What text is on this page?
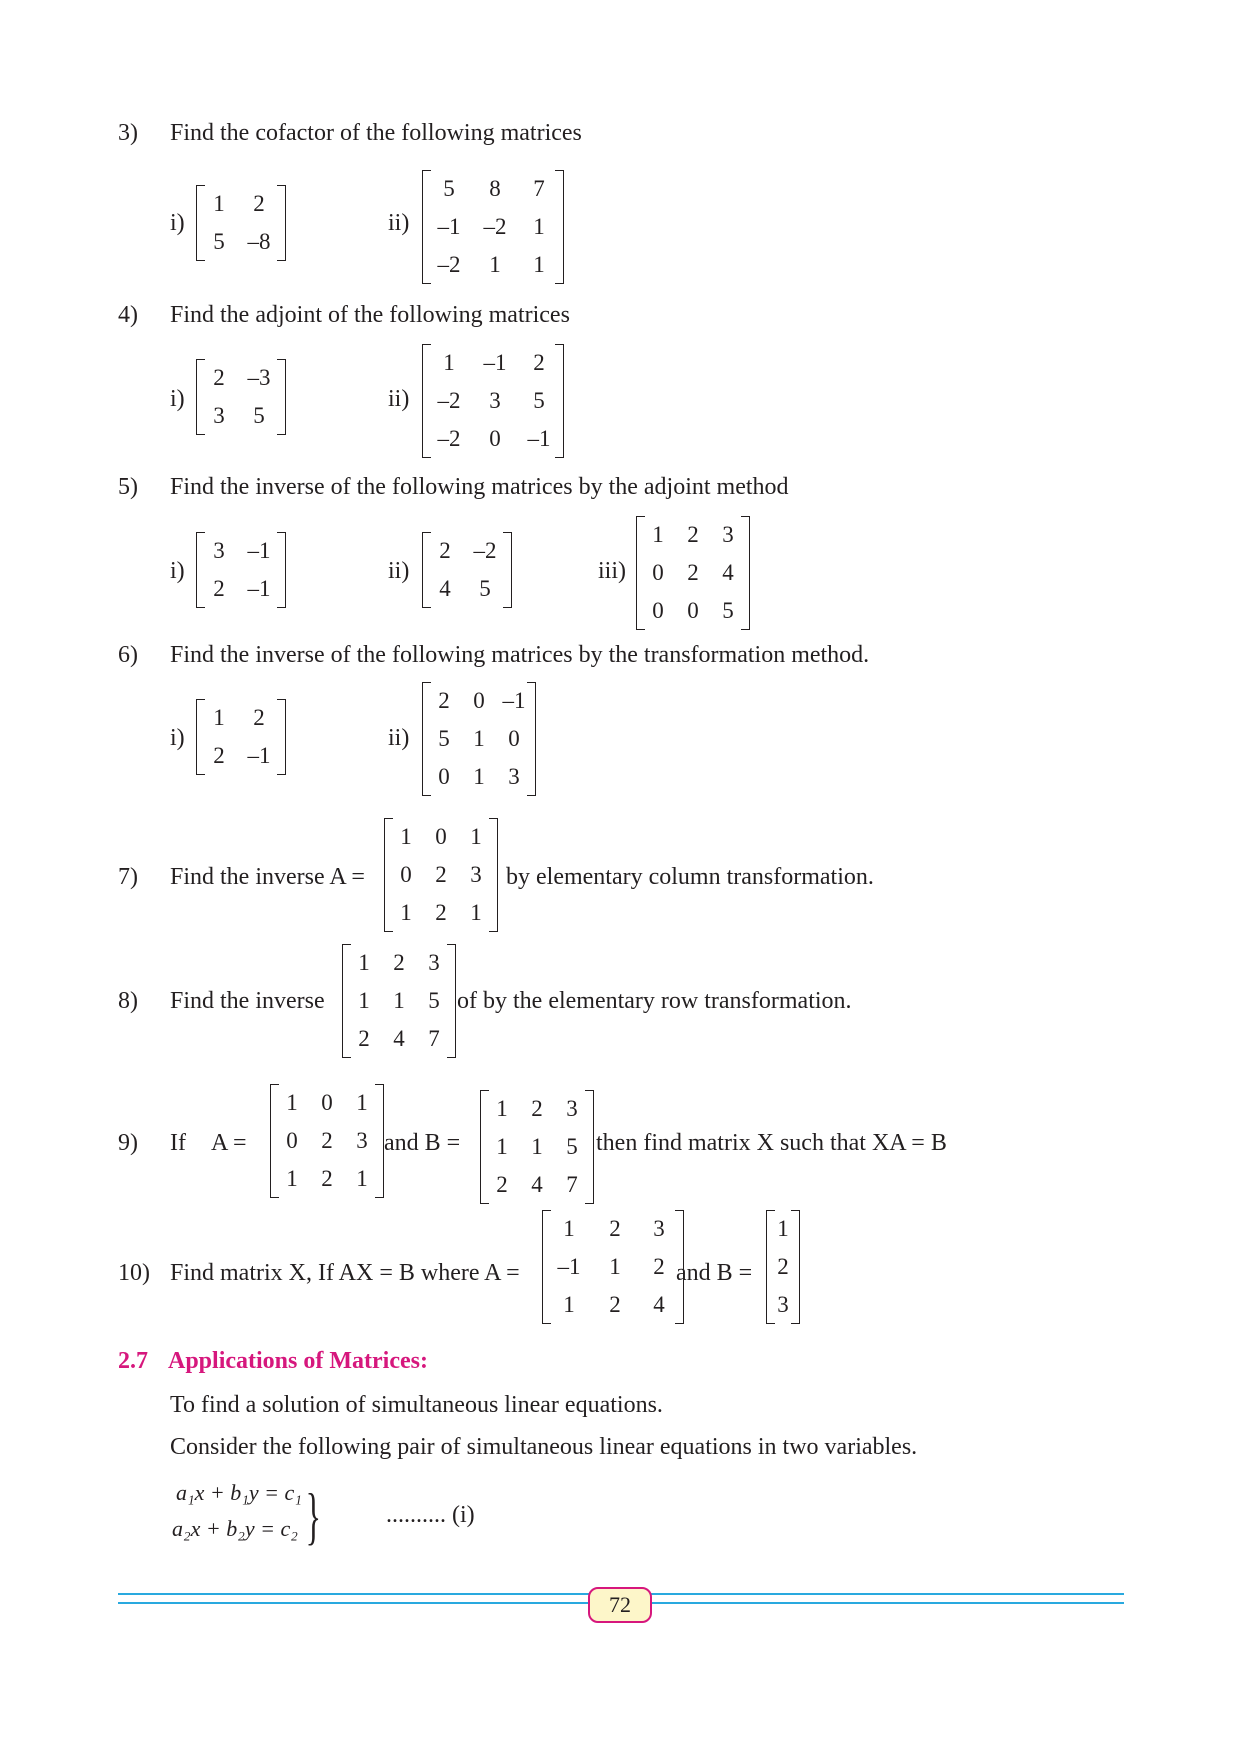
3) Find the cofactor of the following matrices
i)
1	2
5 –8
ii)
5	8	7
–1	–2	1
–2	1	1
4) Find the adjoint of the following matrices
i)
2 –3
3	5
ii)
1	–1	2
–2	3	5
–2	0	–1
5) Find the inverse of the following matrices by the adjoint method
i)
3 –1
2 –1
ii)
2 –2
4	5
iii)
1	2	3
0	2	4
0	0	5
6) Find the inverse of the following matrices by the transformation method.
i)
1	2
2 –1
ii)
2	0 –1
5	1	0
0	1	3
7) Find the inverse A =
1	0	1
0	2	3
1	2	1
by elementary column transformation.
8) Find the inverse
1	2	3
1	1	5
2	4	7
of by the elementary row transformation.
9) If A =
1	0	1
0	2	3
1	2	1
and B =
1	2	3
1	1	5
2	4	7
then find matrix X such that XA = B
10) Find matrix X, If AX = B where A =
1	2	3
–1	1	2
1	2	4
and B =
1
2
3
2.7 Applications of Matrices:
To find a solution of simultaneous linear equations.
Consider the following pair of simultaneous linear equations in two variables.
a₁x + b₁y = c₁
a₂x + b₂y = c₂ }	.......... (i)
72
